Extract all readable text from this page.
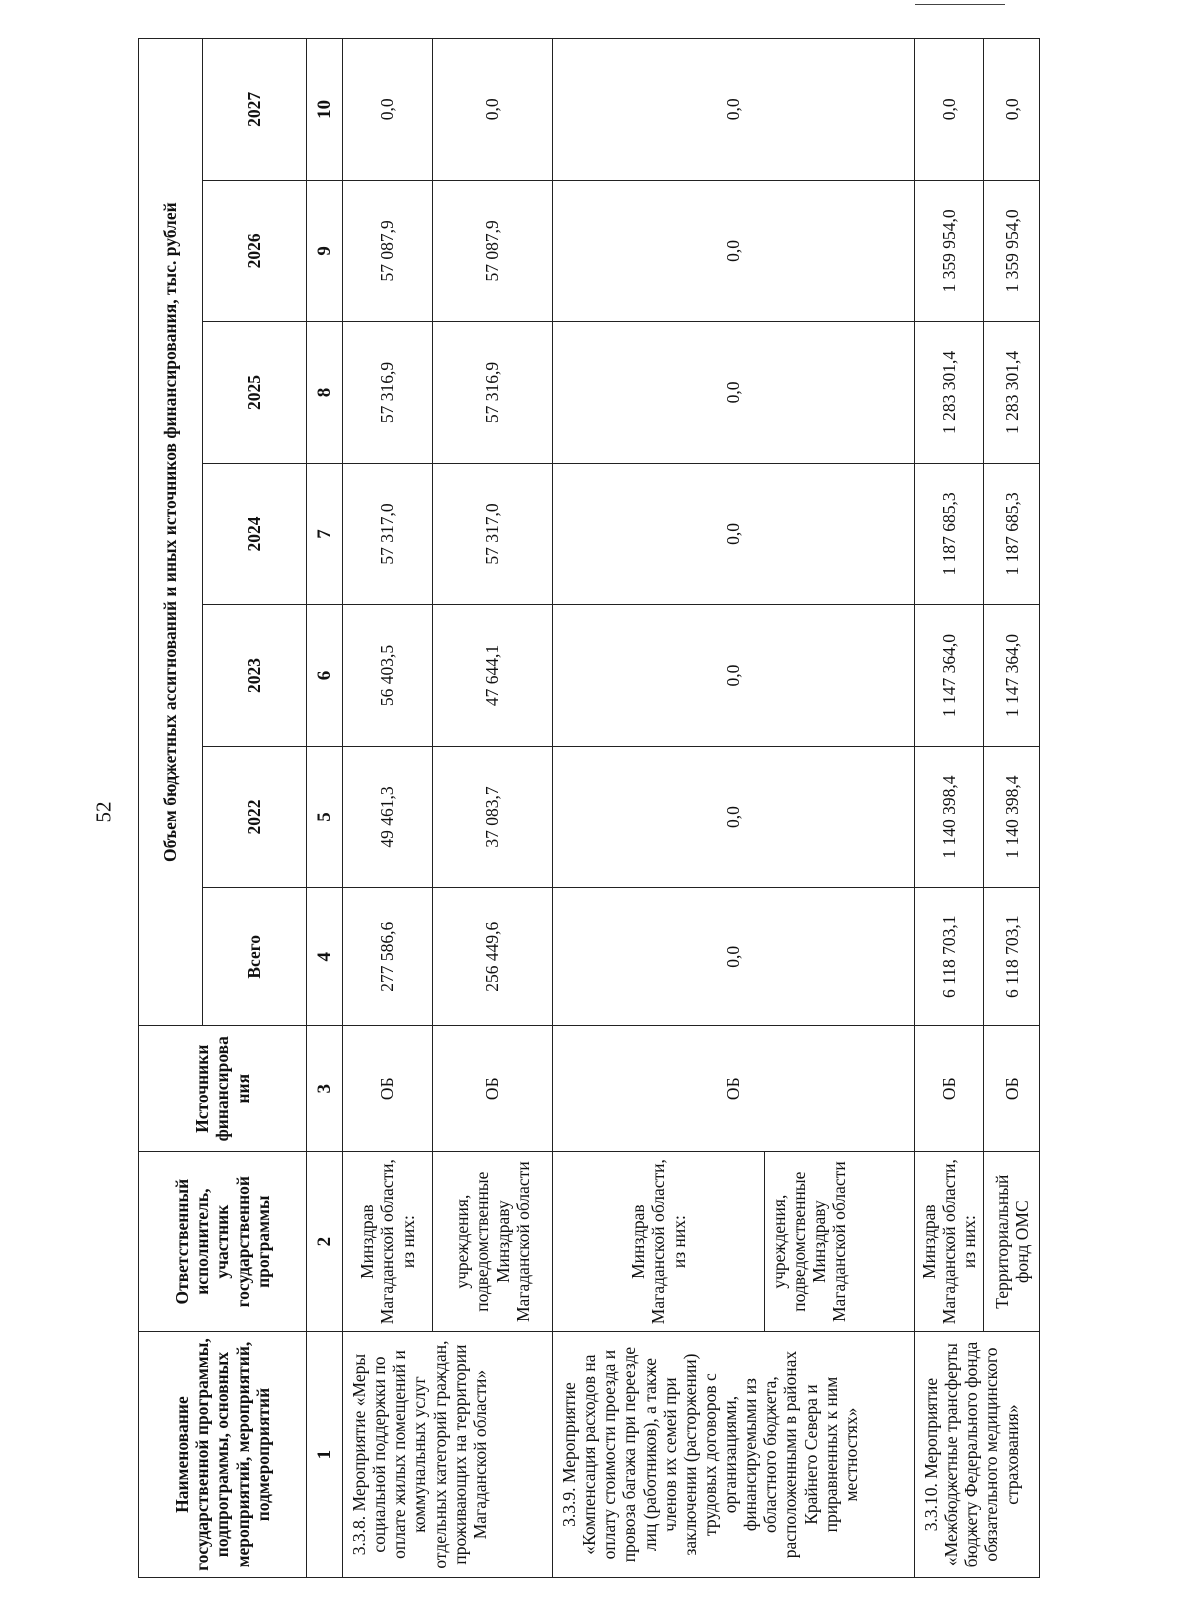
52
Наименование государственной программы, подпрограммы, основных мероприятий, мероприятий, подмероприятий	Ответственный исполнитель, участник государственной программы	Источники финансирования	Объем бюджетных ассигнований и иных источников финансирования, тыс. рублей						
			Всего	2022	2023	2024	2025	2026	2027
1	2	3	4	5	6	7	8	9	10
3.3.8. Мероприятие «Меры социальной поддержки по оплате жилых помещений и коммунальных услуг отдельных категорий граждан, проживающих на территории Магаданской области»	Минздрав Магаданской области, из них:	ОБ	277 586,6	49 461,3	56 403,5	57 317,0	57 316,9	57 087,9	0,0
	учреждения, подведомственные Минздраву Магаданской области	ОБ	256 449,6	37 083,7	47 644,1	57 317,0	57 316,9	57 087,9	0,0
3.3.9. Мероприятие «Компенсация расходов на оплату стоимости проезда и провоза багажа при переезде лиц (работников), а также членов их семей при заключении (расторжении) трудовых договоров с организациями, финансируемыми из областного бюджета, расположенными в районах Крайнего Севера и приравненных к ним местностях»	Минздрав Магаданской области, из них:	ОБ	0,0	0,0	0,0	0,0	0,0	0,0	0,0
	учреждения, подведомственные Минздраву Магаданской области								
3.3.10. Мероприятие «Межбюджетные трансферты бюджету Федерального фонда обязательного медицинского страхования»	Минздрав Магаданской области, из них:	ОБ	6 118 703,1	1 140 398,4	1 147 364,0	1 187 685,3	1 283 301,4	1 359 954,0	0,0
	Территориальный фонд ОМС	ОБ	6 118 703,1	1 140 398,4	1 147 364,0	1 187 685,3	1 283 301,4	1 359 954,0	0,0
